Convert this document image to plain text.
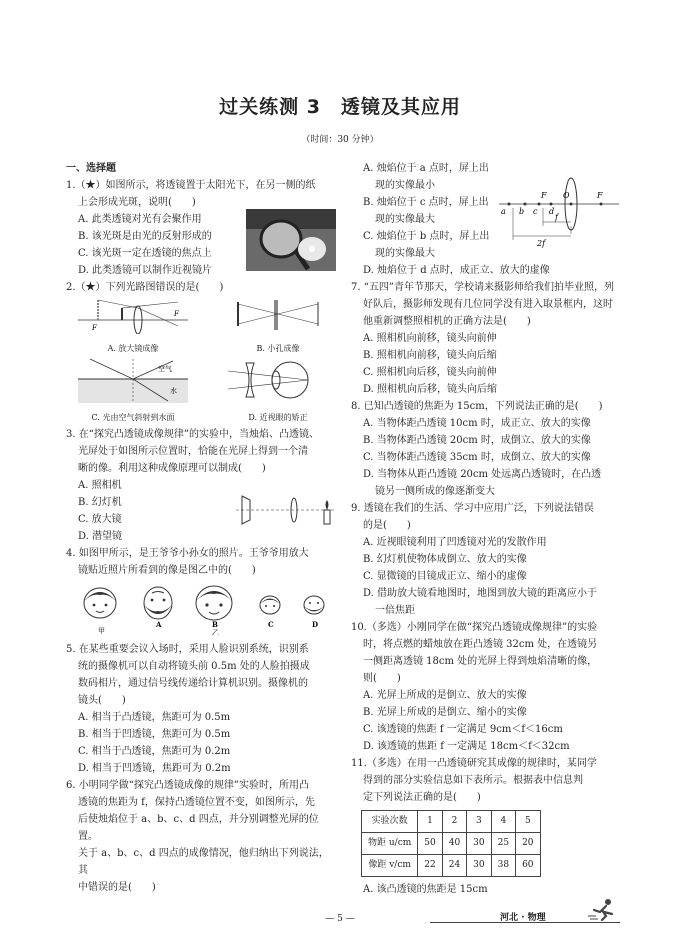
过关练测 3　透镜及其应用
（时间：30 分钟）
一、选择题
1.（★）如图所示，将透镜置于太阳光下，在另一侧的纸
上会形成光斑，说明(　　)
A. 此类透镜对光有会聚作用
B. 该光斑是由光的反射形成的
C. 该光斑一定在透镜的焦点上
D. 此类透镜可以制作近视镜片
2.（★）下列光路图错误的是(　　)
F
F
A. 放大镜成像	B. 小孔成像
空气
水
C. 光由空气斜射到水面	D. 近视眼的矫正
3. 在“探究凸透镜成像规律”的实验中，当烛焰、凸透镜、
光屏处于如图所示位置时，恰能在光屏上得到一个清
晰的像。利用这种成像原理可以制成(　　)
A. 照相机
B. 幻灯机
C. 放大镜
D. 潜望镜
4. 如图甲所示，是王爷爷小孙女的照片。王爷爷用放大
镜贴近照片所看到的像是图乙中的(　　)
甲
A	B
乙
C	D
5. 在某些重要会议入场时，采用人脸识别系统，识别系
统的摄像机可以自动将镜头前 0.5m 处的人脸拍摄成
数码相片，通过信号线传递给计算机识别。摄像机的
镜头(　　)
A. 相当于凸透镜，焦距可为 0.5m
B. 相当于凹透镜，焦距可为 0.5m
C. 相当于凸透镜，焦距可为 0.2m
D. 相当于凹透镜，焦距可为 0.2m
6. 小明同学做“探究凸透镜成像的规律”实验时，所用凸
透镜的焦距为 f，保持凸透镜位置不变，如图所示，先
后使烛焰位于 a、b、c、d 四点，并分别调整光屏的位置。
关于 a、b、c、d 四点的成像情况，他归纳出下列说法，其
中错误的是(　　)
A. 烛焰位于 a 点时，屏上出
现的实像最小
B. 烛焰位于 c 点时，屏上出
现的实像最大
C. 烛焰位于 b 点时，屏上出
现的实像最大
D. 烛焰位于 d 点时，成正立、放大的虚像
a b c d
F	F
O
f
2f
7. “五四”青年节那天，学校请来摄影师给我们拍毕业照，列
好队后，摄影师发现有几位同学没有进入取景框内，这时
他重新调整照相机的正确方法是(　　)
A. 照相机向前移，镜头向前伸
B. 照相机向前移，镜头向后缩
C. 照相机向后移，镜头向前伸
D. 照相机向后移，镜头向后缩
8. 已知凸透镜的焦距为 15cm，下列说法正确的是(　　)
A. 当物体距凸透镜 10cm 时，成正立、放大的实像
B. 当物体距凸透镜 20cm 时，成倒立、放大的实像
C. 当物体距凸透镜 35cm 时，成倒立、放大的实像
D. 当物体从距凸透镜 20cm 处远离凸透镜时，在凸透
镜另一侧所成的像逐渐变大
9. 透镜在我们的生活、学习中应用广泛，下列说法错误
的是(　　)
A. 近视眼镜利用了凹透镜对光的发散作用
B. 幻灯机使物体成倒立、放大的实像
C. 显微镜的目镜成正立、缩小的虚像
D. 借助放大镜看地图时，地图到放大镜的距离应小于
一倍焦距
10.（多选）小刚同学在做“探究凸透镜成像规律”的实验
时，将点燃的蜡烛放在距凸透镜 32cm 处，在透镜另
一侧距离透镜 18cm 处的光屏上得到烛焰清晰的像，
则(　　)
A. 光屏上所成的是倒立、放大的实像
B. 光屏上所成的是倒立、缩小的实像
C. 该透镜的焦距 f 一定满足 9cm＜f＜16cm
D. 该透镜的焦距 f 一定满足 18cm＜f＜32cm
11.（多选）在用一凸透镜研究其成像的规律时，某同学
得到的部分实验信息如下表所示。根据表中信息判
定下列说法正确的是(　　)
实验次数	1	2	3	4	5
物距 u/cm	50	40	30	25	20
像距 v/cm	22	24	30	38	60
A. 该凸透镜的焦距是 15cm
— 5 —	河北 · 物理
